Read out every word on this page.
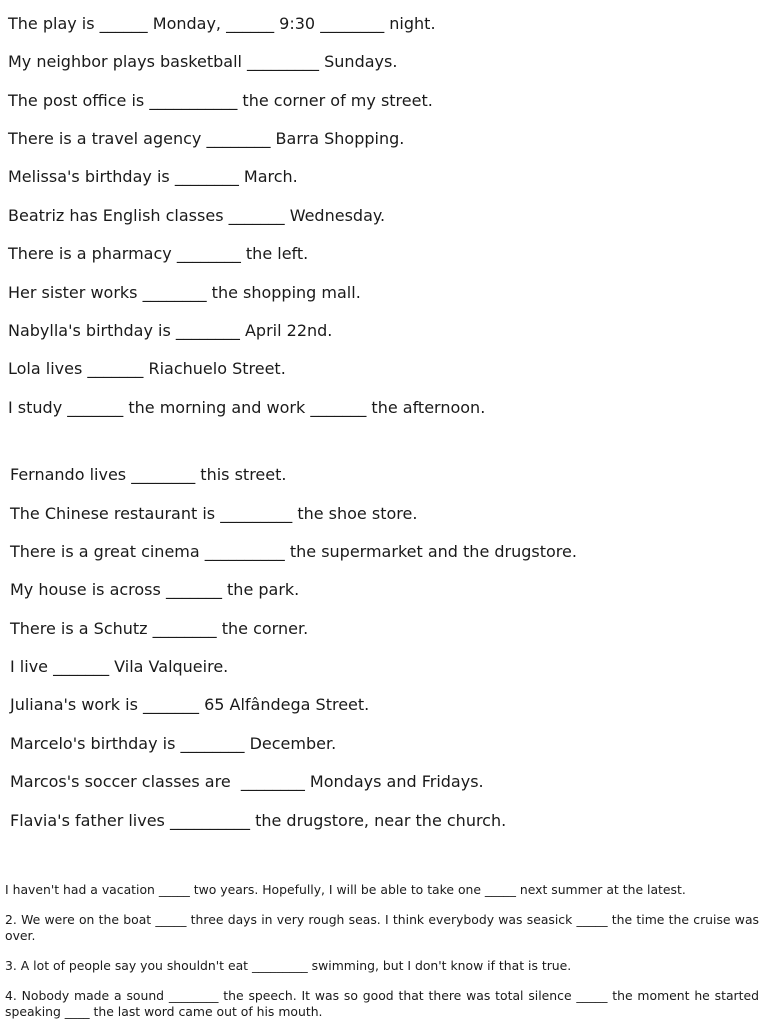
The play is ______ Monday, ______ 9:30 ________ night.

My neighbor plays basketball _________ Sundays.

The post office is ___________ the corner of my street.

There is a travel agency ________ Barra Shopping.

Melissa's birthday is ________ March.

Beatriz has English classes _______ Wednesday.

There is a pharmacy ________ the left.

Her sister works ________ the shopping mall.

Nabylla's birthday is ________ April 22nd.

Lola lives _______ Riachuelo Street.

I study _______ the morning and work _______ the afternoon.

Fernando lives ________ this street.

The Chinese restaurant is _________ the shoe store.

There is a great cinema __________ the supermarket and the drugstore.

My house is across _______ the park.

There is a Schutz ________ the corner.

I live _______ Vila Valqueire.

Juliana's work is _______ 65 Alfândega Street.

Marcelo's birthday is ________ December.

Marcos's soccer classes are  ________ Mondays and Fridays.

Flavia's father lives __________ the drugstore, near the church.

I haven't had a vacation _____ two years. Hopefully, I will be able to take one _____ next summer at the latest.

2. We were on the boat _____ three days in very rough seas. I think everybody was seasick _____ the time the cruise was over.

3. A lot of people say you shouldn't eat _________ swimming, but I don't know if that is true.

4. Nobody made a sound ________ the speech. It was so good that there was total silence _____ the moment he started speaking ____ the last word came out of his mouth.
